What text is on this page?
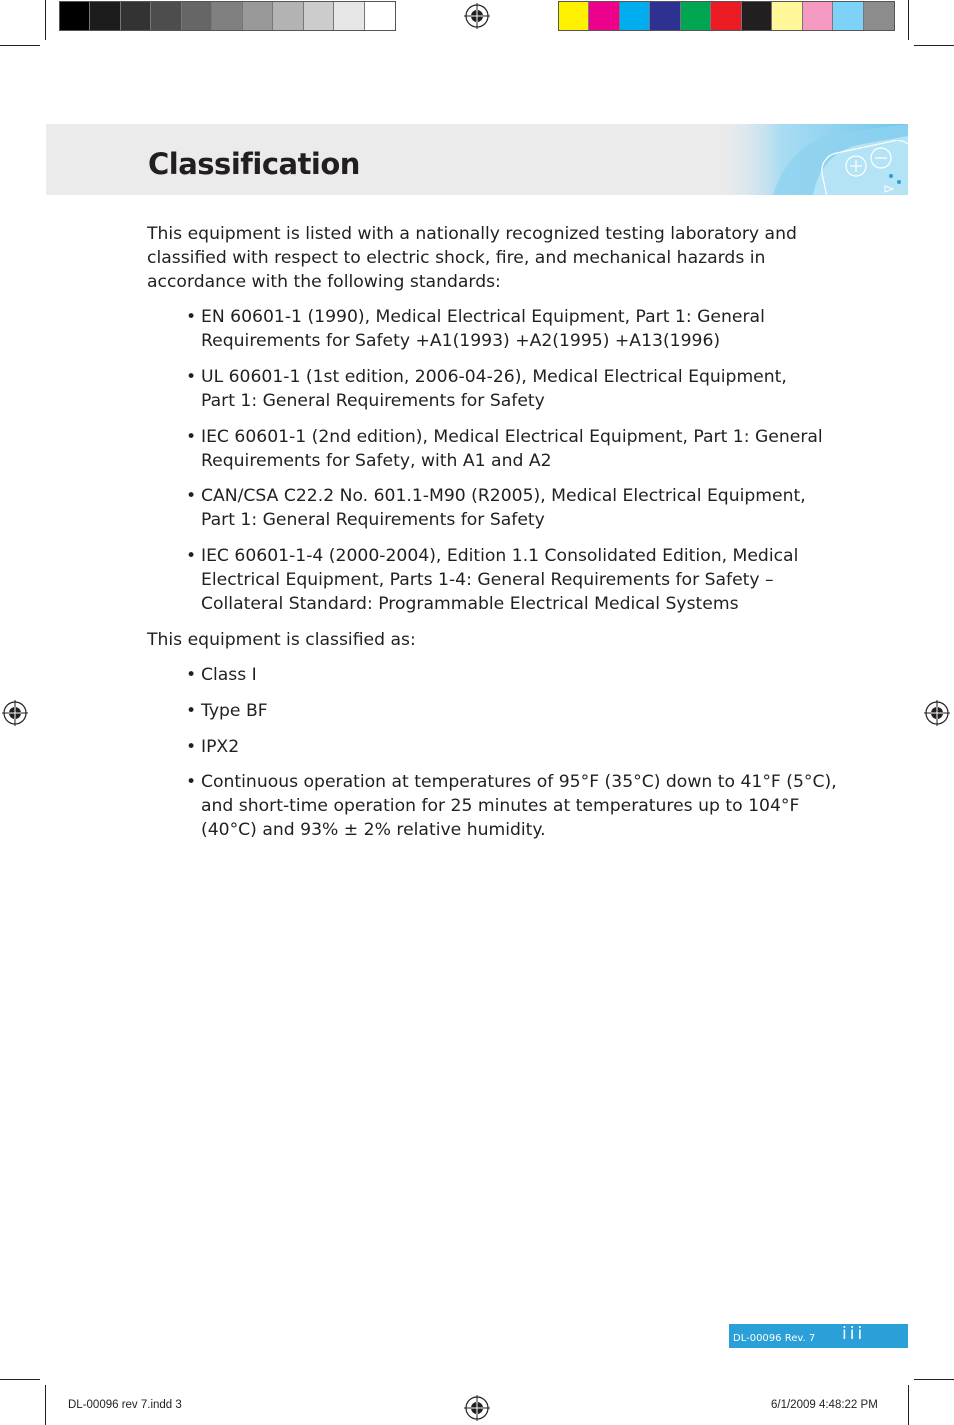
Classification
This equipment is listed with a nationally recognized testing laboratory and
classified with respect to electric shock, fire, and mechanical hazards in
accordance with the following standards:
• EN 60601-1 (1990), Medical Electrical Equipment, Part 1: General
Requirements for Safety +A1(1993) +A2(1995) +A13(1996)
• UL 60601-1 (1st edition, 2006-04-26), Medical Electrical Equipment,
Part 1: General Requirements for Safety
• IEC 60601-1 (2nd edition), Medical Electrical Equipment, Part 1: General
Requirements for Safety, with A1 and A2
• CAN/CSA C22.2 No. 601.1-M90 (R2005), Medical Electrical Equipment,
Part 1: General Requirements for Safety
• IEC 60601-1-4 (2000-2004), Edition 1.1 Consolidated Edition, Medical
Electrical Equipment, Parts 1-4: General Requirements for Safety –
Collateral Standard: Programmable Electrical Medical Systems
This equipment is classified as:
• Class I
• Type BF
• IPX2
• Continuous operation at temperatures of 95°F (35°C) down to 41°F (5°C),
and short-time operation for 25 minutes at temperatures up to 104°F
(40°C) and 93% ± 2% relative humidity.
DL-00096 Rev. 7 iii
DL-00096 rev 7.indd 3	6/1/2009 4:48:22 PM
